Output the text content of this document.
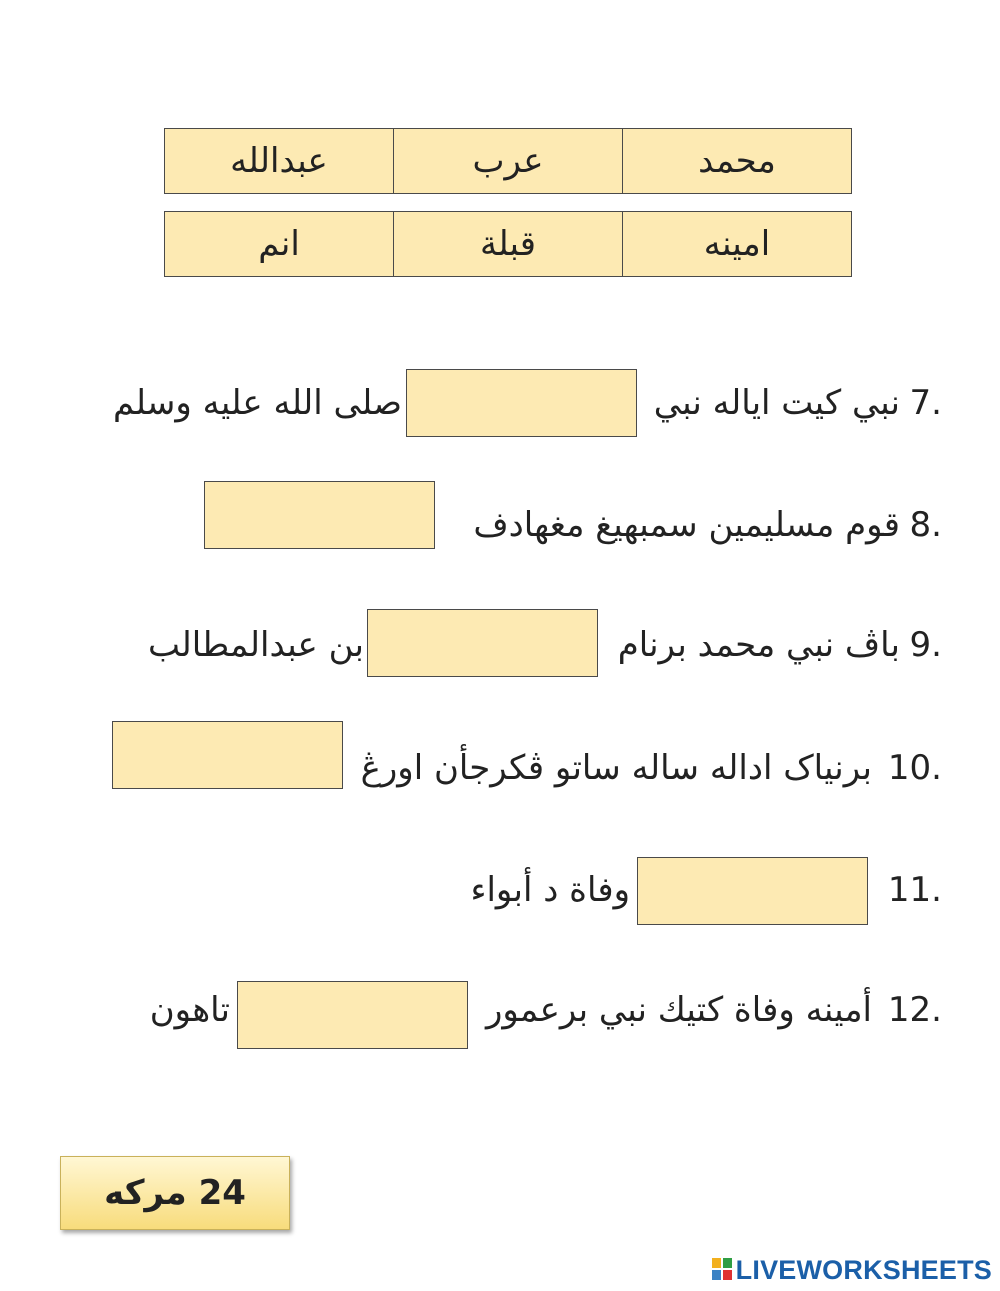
محمد
عرب
عبدالله
امينه
قبلة
انم
7.
نبي كيت اياله نبي
صلى الله عليه وسلم
8.
قوم مسليمين سمبهيغ مغهادف
9.
باڤ نبي محمد برنام
بن عبدالمطالب
10.
برنياک اداله ساله ساتو ڤكرجأن اورڠ
11.
وفاة د أبواء
12.
أمينه وفاة كتيك نبي برعمور
تاهون
24 مركه
LIVEWORKSHEETS
